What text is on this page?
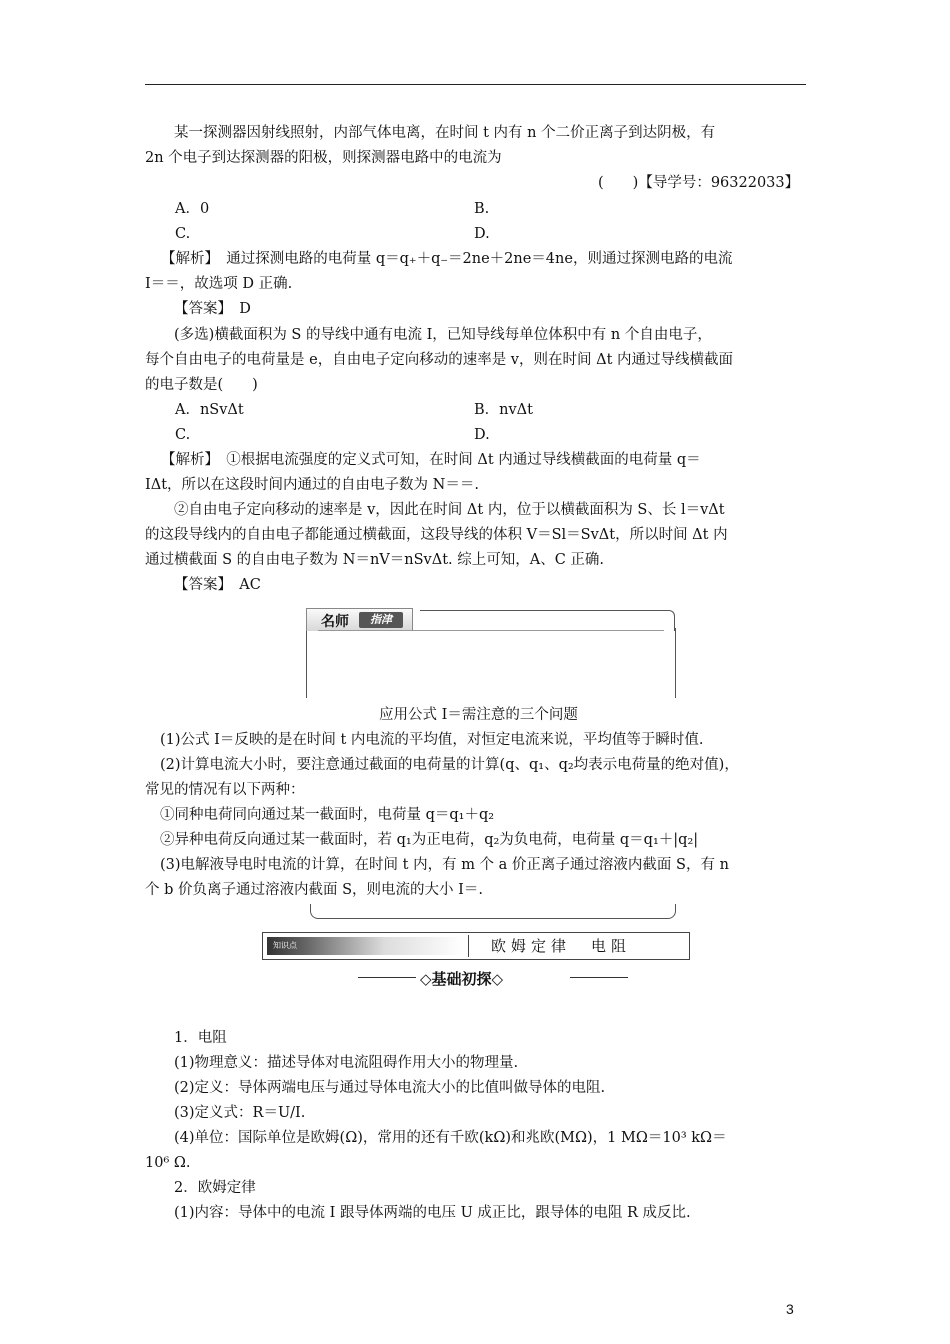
某一探测器因射线照射，内部气体电离，在时间 t 内有 n 个二价正离子到达阴极，有
2n 个电子到达探测器的阳极，则探测器电路中的电流为
(　　)【导学号：96322033】
A．0	B.
C.	D.
【解析】　通过探测电路的电荷量 q＝q₊＋q₋＝2ne＋2ne＝4ne，则通过探测电路的电流
I＝＝，故选项 D 正确.
【答案】　D
(多选)横截面积为 S 的导线中通有电流 I，已知导线每单位体积中有 n 个自由电子，
每个自由电子的电荷量是 e，自由电子定向移动的速率是 v，则在时间 Δt 内通过导线横截面
的电子数是(　　)
A．nSvΔt	B．nvΔt
C.	D.
【解析】　①根据电流强度的定义式可知，在时间 Δt 内通过导线横截面的电荷量 q＝
IΔt，所以在这段时间内通过的自由电子数为 N＝＝.
②自由电子定向移动的速率是 v，因此在时间 Δt 内，位于以横截面积为 S、长 l＝vΔt
的这段导线内的自由电子都能通过横截面，这段导线的体积 V＝Sl＝SvΔt，所以时间 Δt 内
通过横截面 S 的自由电子数为 N＝nV＝nSvΔt. 综上可知，A、C 正确.
【答案】　AC
名师	指津
应用公式 I＝需注意的三个问题
(1)公式 I＝反映的是在时间 t 内电流的平均值，对恒定电流来说，平均值等于瞬时值.
(2)计算电流大小时，要注意通过截面的电荷量的计算(q、q₁、q₂均表示电荷量的绝对值)，
常见的情况有以下两种：
①同种电荷同向通过某一截面时，电荷量 q＝q₁＋q₂
②异种电荷反向通过某一截面时，若 q₁为正电荷，q₂为负电荷，电荷量 q＝q₁＋|q₂|
(3)电解液导电时电流的计算，在时间 t 内，有 m 个 a 价正离子通过溶液内截面 S，有 n
个 b 价负离子通过溶液内截面 S，则电流的大小 I＝.
知识点	欧姆定律　电阻
◇基础初探◇
1．电阻
(1)物理意义：描述导体对电流阻碍作用大小的物理量.
(2)定义：导体两端电压与通过导体电流大小的比值叫做导体的电阻.
(3)定义式：R＝U/I.
(4)单位：国际单位是欧姆(Ω)，常用的还有千欧(kΩ)和兆欧(MΩ)，1 MΩ＝10³ kΩ＝
10⁶ Ω.
2．欧姆定律
(1)内容：导体中的电流 I 跟导体两端的电压 U 成正比，跟导体的电阻 R 成反比.
3
